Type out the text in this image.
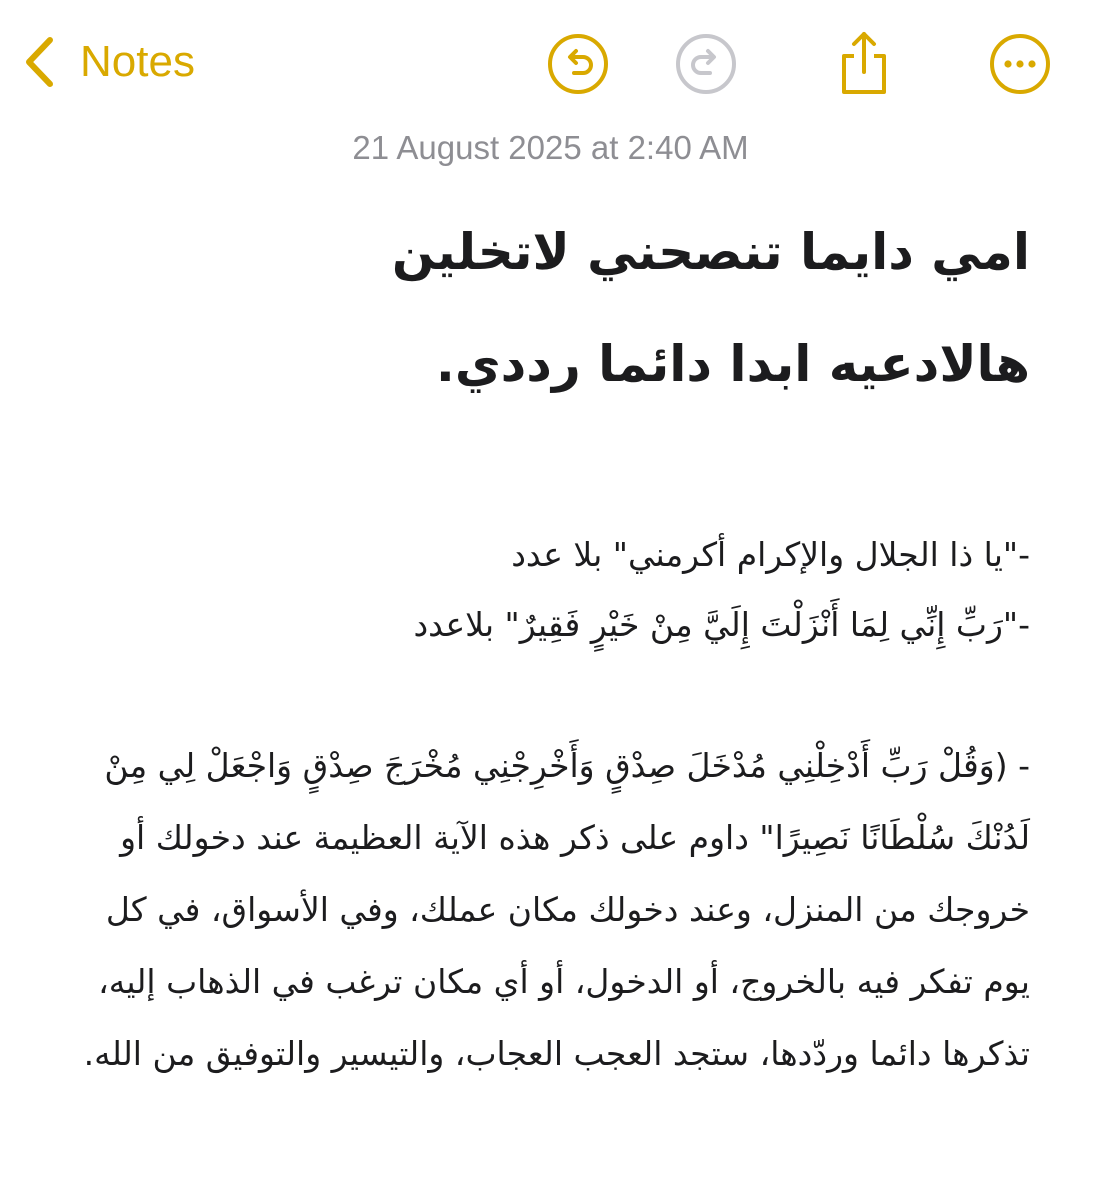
Notes
21 August 2025 at 2:40 AM

امي دايما تنصحني لاتخلين

هالادعيه ابدا دائما رددي.

-"يا ذا الجلال والإكرام أكرمني" بلا عدد

-"رَبِّ إِنِّي لِمَا أَنْزَلْتَ إِلَيَّ مِنْ خَيْرٍ فَقِيرٌ" بلاعدد

- (وَقُلْ رَبِّ أَدْخِلْنِي مُدْخَلَ صِدْقٍ وَأَخْرِجْنِي مُخْرَجَ صِدْقٍ وَاجْعَلْ لِي مِنْ لَدُنْكَ سُلْطَانًا نَصِيرًا" داوم على ذكر هذه الآية العظيمة عند دخولك أو خروجك من المنزل، وعند دخولك مكان عملك، وفي الأسواق، في كل يوم تفكر فيه بالخروج، أو الدخول، أو أي مكان ترغب في الذهاب إليه، تذكرها دائما وردّدها، ستجد العجب العجاب، والتيسير والتوفيق من الله.
